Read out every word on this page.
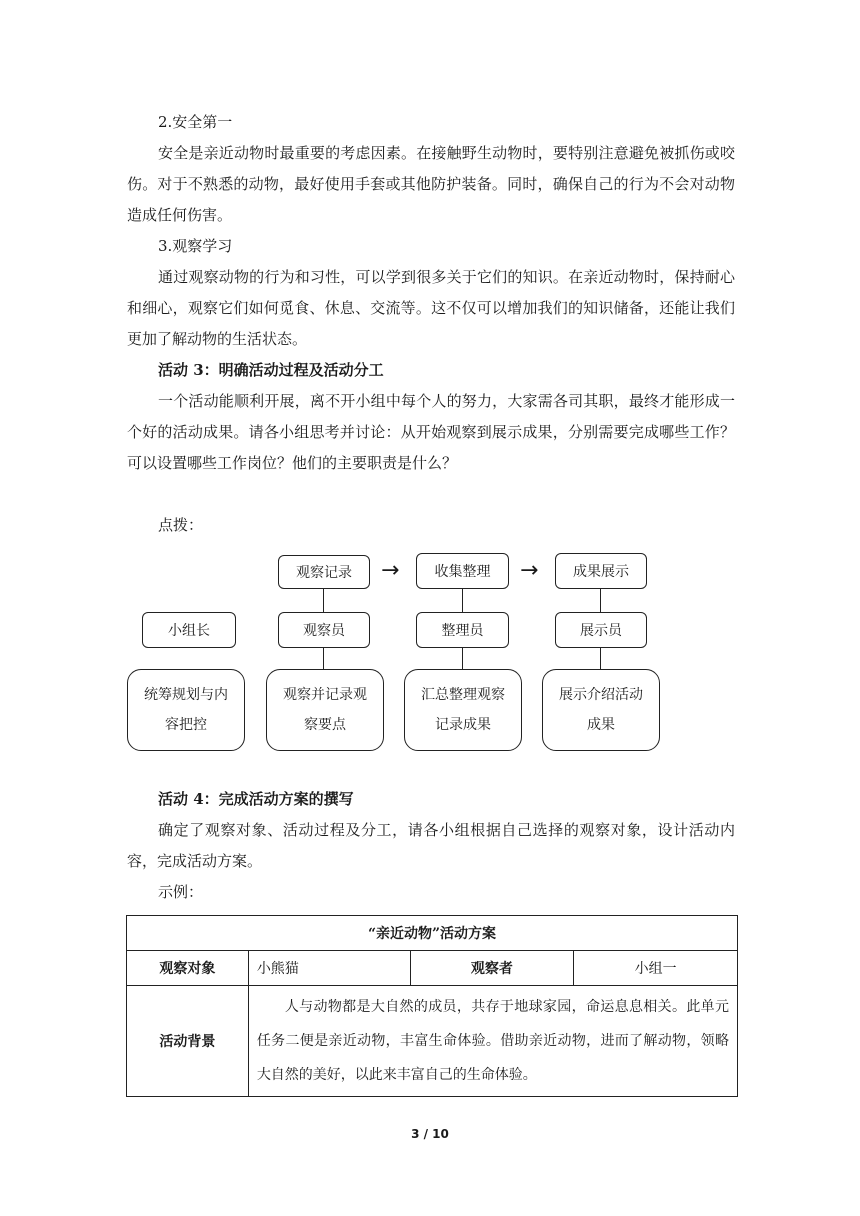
2.安全第一

安全是亲近动物时最重要的考虑因素。在接触野生动物时，要特别注意避免被抓伤或咬伤。对于不熟悉的动物，最好使用手套或其他防护装备。同时，确保自己的行为不会对动物造成任何伤害。

3.观察学习

通过观察动物的行为和习性，可以学到很多关于它们的知识。在亲近动物时，保持耐心和细心，观察它们如何觅食、休息、交流等。这不仅可以增加我们的知识储备，还能让我们更加了解动物的生活状态。

活动 3：明确活动过程及活动分工

一个活动能顺利开展，离不开小组中每个人的努力，大家需各司其职，最终才能形成一个好的活动成果。请各小组思考并讨论：从开始观察到展示成果，分别需要完成哪些工作？可以设置哪些工作岗位？他们的主要职责是什么？

点拨：

观察记录	→	收集整理	→	成果展示
小组长	观察员	整理员	展示员
统筹规划与内容把控
观察并记录观察要点
汇总整理观察记录成果
展示介绍活动成果

活动 4：完成活动方案的撰写

确定了观察对象、活动过程及分工，请各小组根据自己选择的观察对象，设计活动内容，完成活动方案。

示例：

“亲近动物”活动方案			
观察对象	小熊猫	观察者	小组一
活动背景	人与动物都是大自然的成员，共存于地球家园，命运息息相关。此单元任务二便是亲近动物，丰富生命体验。借助亲近动物，进而了解动物，领略大自然的美好，以此来丰富自己的生命体验。		
3 / 10
